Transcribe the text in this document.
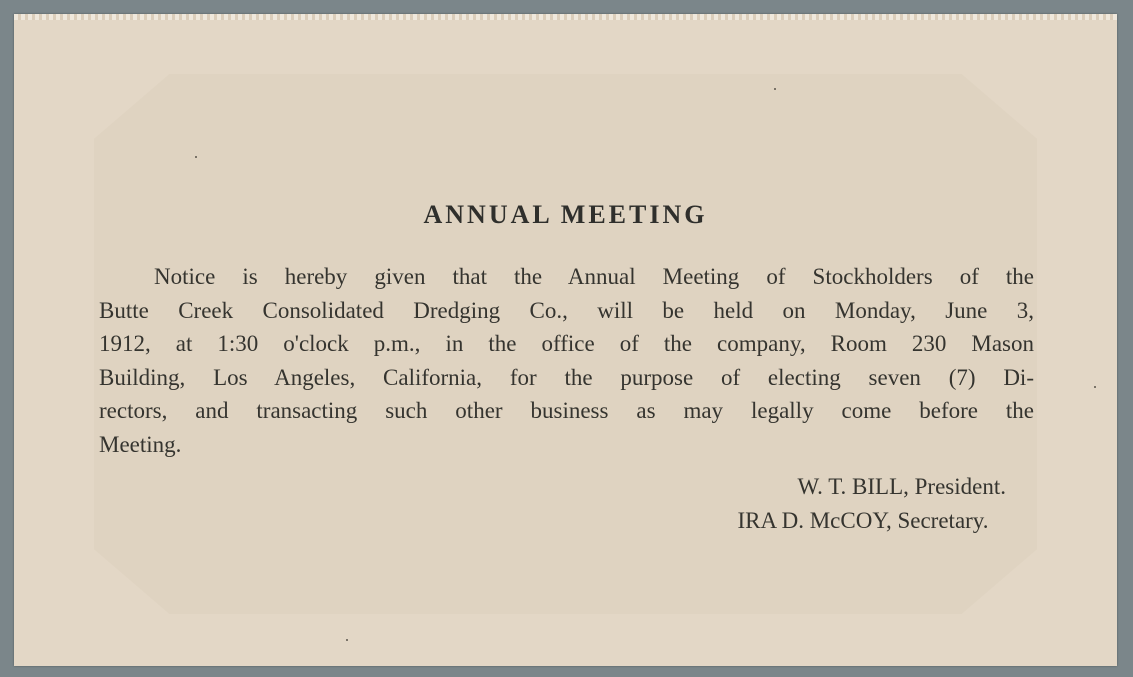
ANNUAL MEETING
Notice is hereby given that the Annual Meeting of Stockholders of the
Butte Creek Consolidated Dredging Co., will be held on Monday, June 3,
1912, at 1:30 o'clock p.m., in the office of the company, Room 230 Mason
Building, Los Angeles, California, for the purpose of electing seven (7) Di-
rectors, and transacting such other business as may legally come before the
Meeting.
W. T. BILL, President.
IRA D. McCOY, Secretary.
